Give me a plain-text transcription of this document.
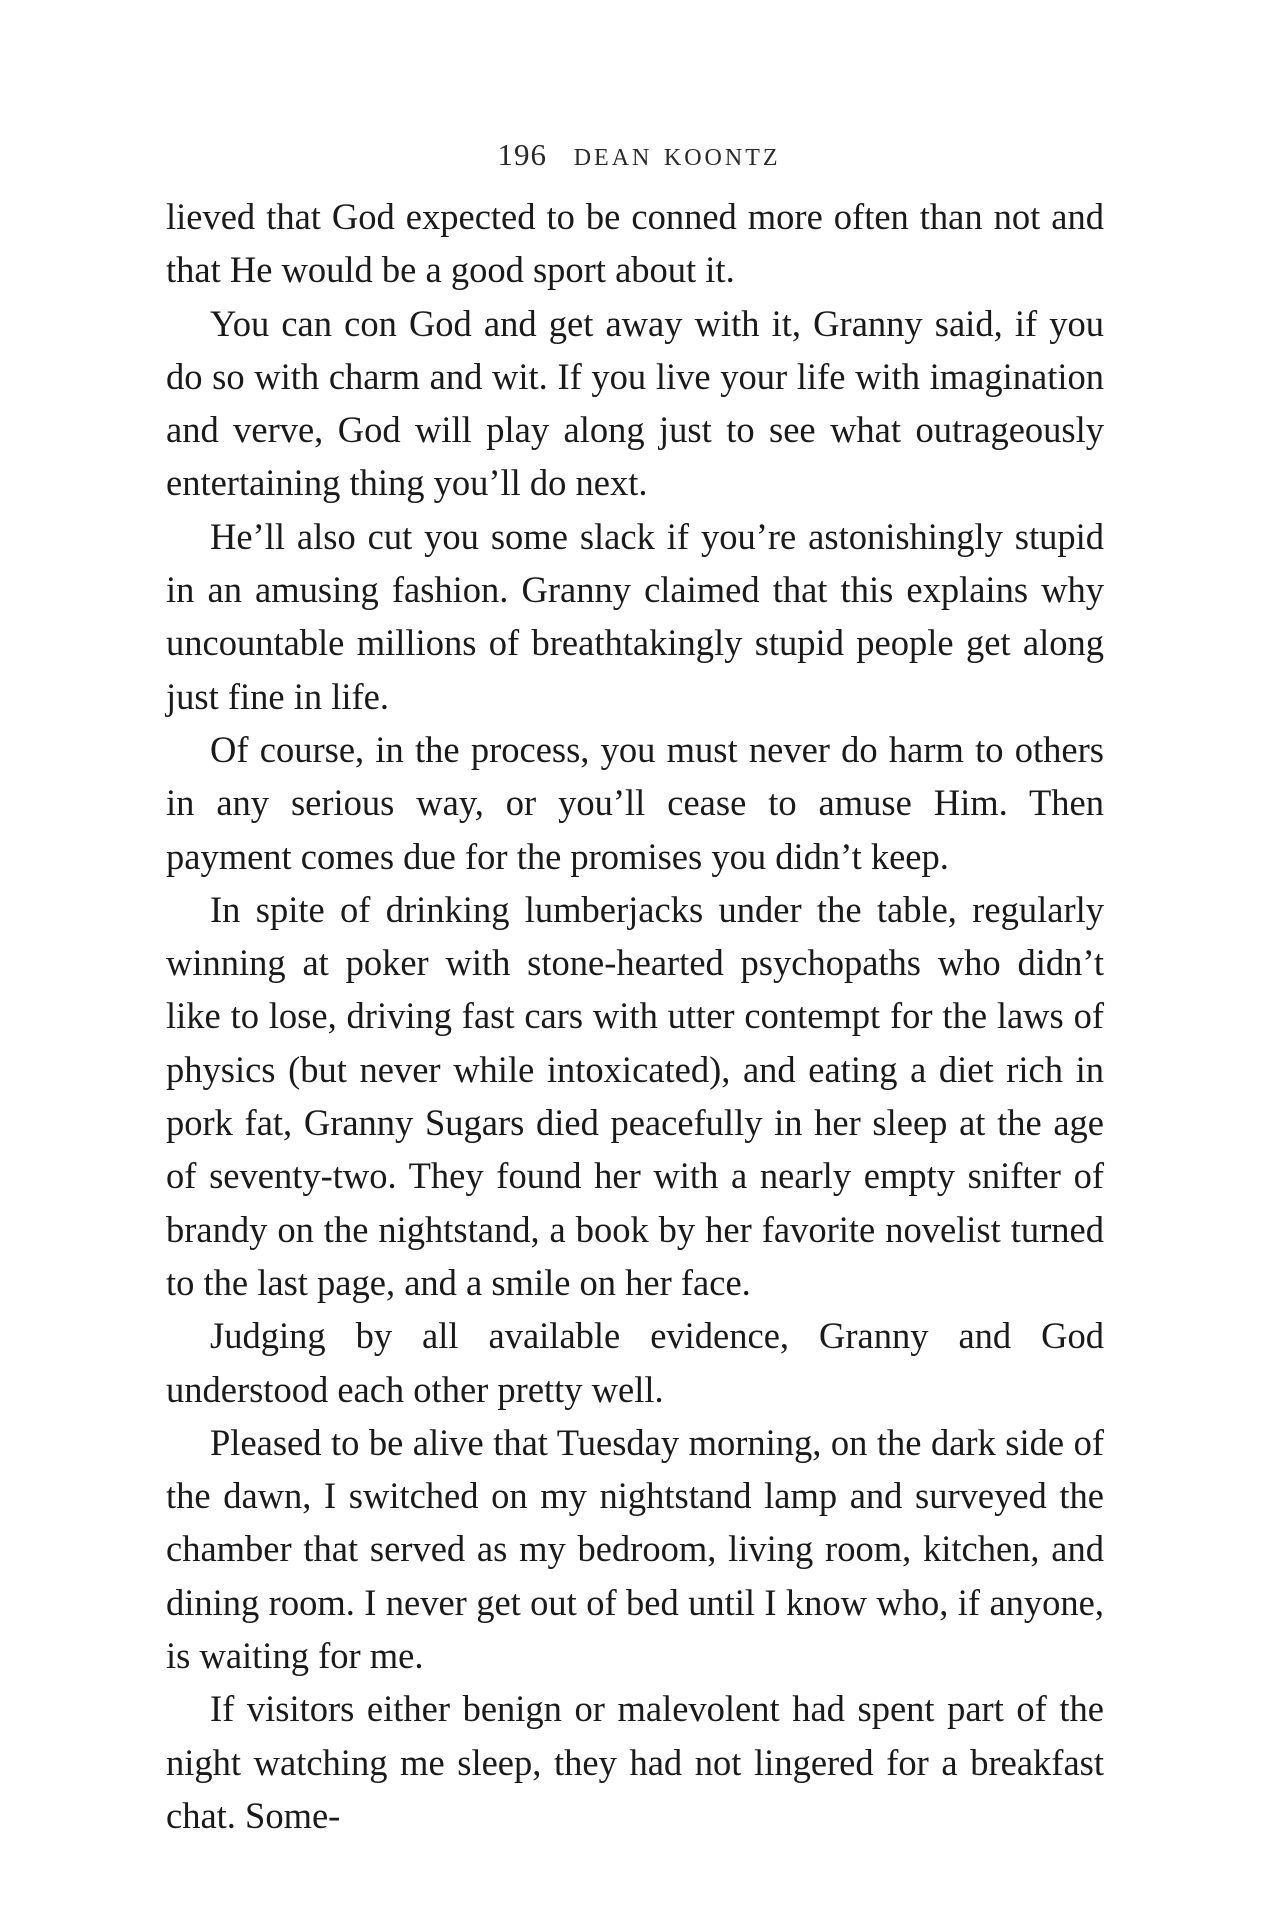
196 dean koontz

lieved that God expected to be conned more often than not and that He would be a good sport about it.

You can con God and get away with it, Granny said, if you do so with charm and wit. If you live your life with imagination and verve, God will play along just to see what outrageously entertaining thing you’ll do next.

He’ll also cut you some slack if you’re astonishingly stupid in an amusing fashion. Granny claimed that this explains why uncountable millions of breathtakingly stupid people get along just fine in life.

Of course, in the process, you must never do harm to others in any serious way, or you’ll cease to amuse Him. Then payment comes due for the promises you didn’t keep.

In spite of drinking lumberjacks under the table, regularly winning at poker with stone-hearted psychopaths who didn’t like to lose, driving fast cars with utter contempt for the laws of physics (but never while intoxicated), and eating a diet rich in pork fat, Granny Sugars died peacefully in her sleep at the age of seventy-two. They found her with a nearly empty snifter of brandy on the nightstand, a book by her favorite novelist turned to the last page, and a smile on her face.

Judging by all available evidence, Granny and God understood each other pretty well.

Pleased to be alive that Tuesday morning, on the dark side of the dawn, I switched on my nightstand lamp and surveyed the chamber that served as my bedroom, living room, kitchen, and dining room. I never get out of bed until I know who, if anyone, is waiting for me.

If visitors either benign or malevolent had spent part of the night watching me sleep, they had not lingered for a breakfast chat. Some-
